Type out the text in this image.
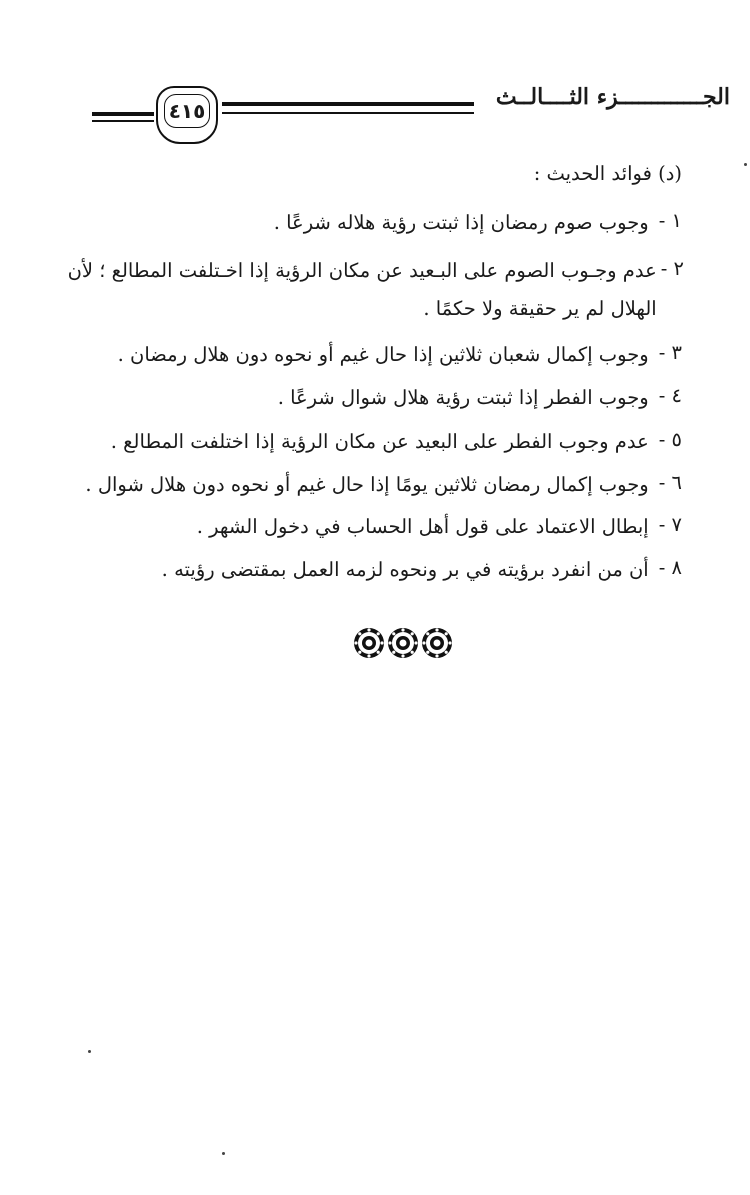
الجـــــــــــــزء الثــــالــث
٤١٥
(د) فوائد الحديث :
١ -
وجوب صوم رمضان إذا ثبتت رؤية هلاله شرعًا .
٢ -
عدم وجـوب الصوم على البـعيد عن مكان الرؤية إذا اخـتلفت المطالع ؛ لأن
الهلال لم ير حقيقة ولا حكمًا .
٣ -
وجوب إكمال شعبان ثلاثين إذا حال غيم أو نحوه دون هلال رمضان .
٤ -
وجوب الفطر إذا ثبتت رؤية هلال شوال شرعًا .
٥ -
عدم وجوب الفطر على البعيد عن مكان الرؤية إذا اختلفت المطالع .
٦ -
وجوب إكمال رمضان ثلاثين يومًا إذا حال غيم أو نحوه دون هلال شوال .
٧ -
إبطال الاعتماد على قول أهل الحساب في دخول الشهر .
٨ -
أن من انفرد برؤيته في بر ونحوه لزمه العمل بمقتضى رؤيته .
